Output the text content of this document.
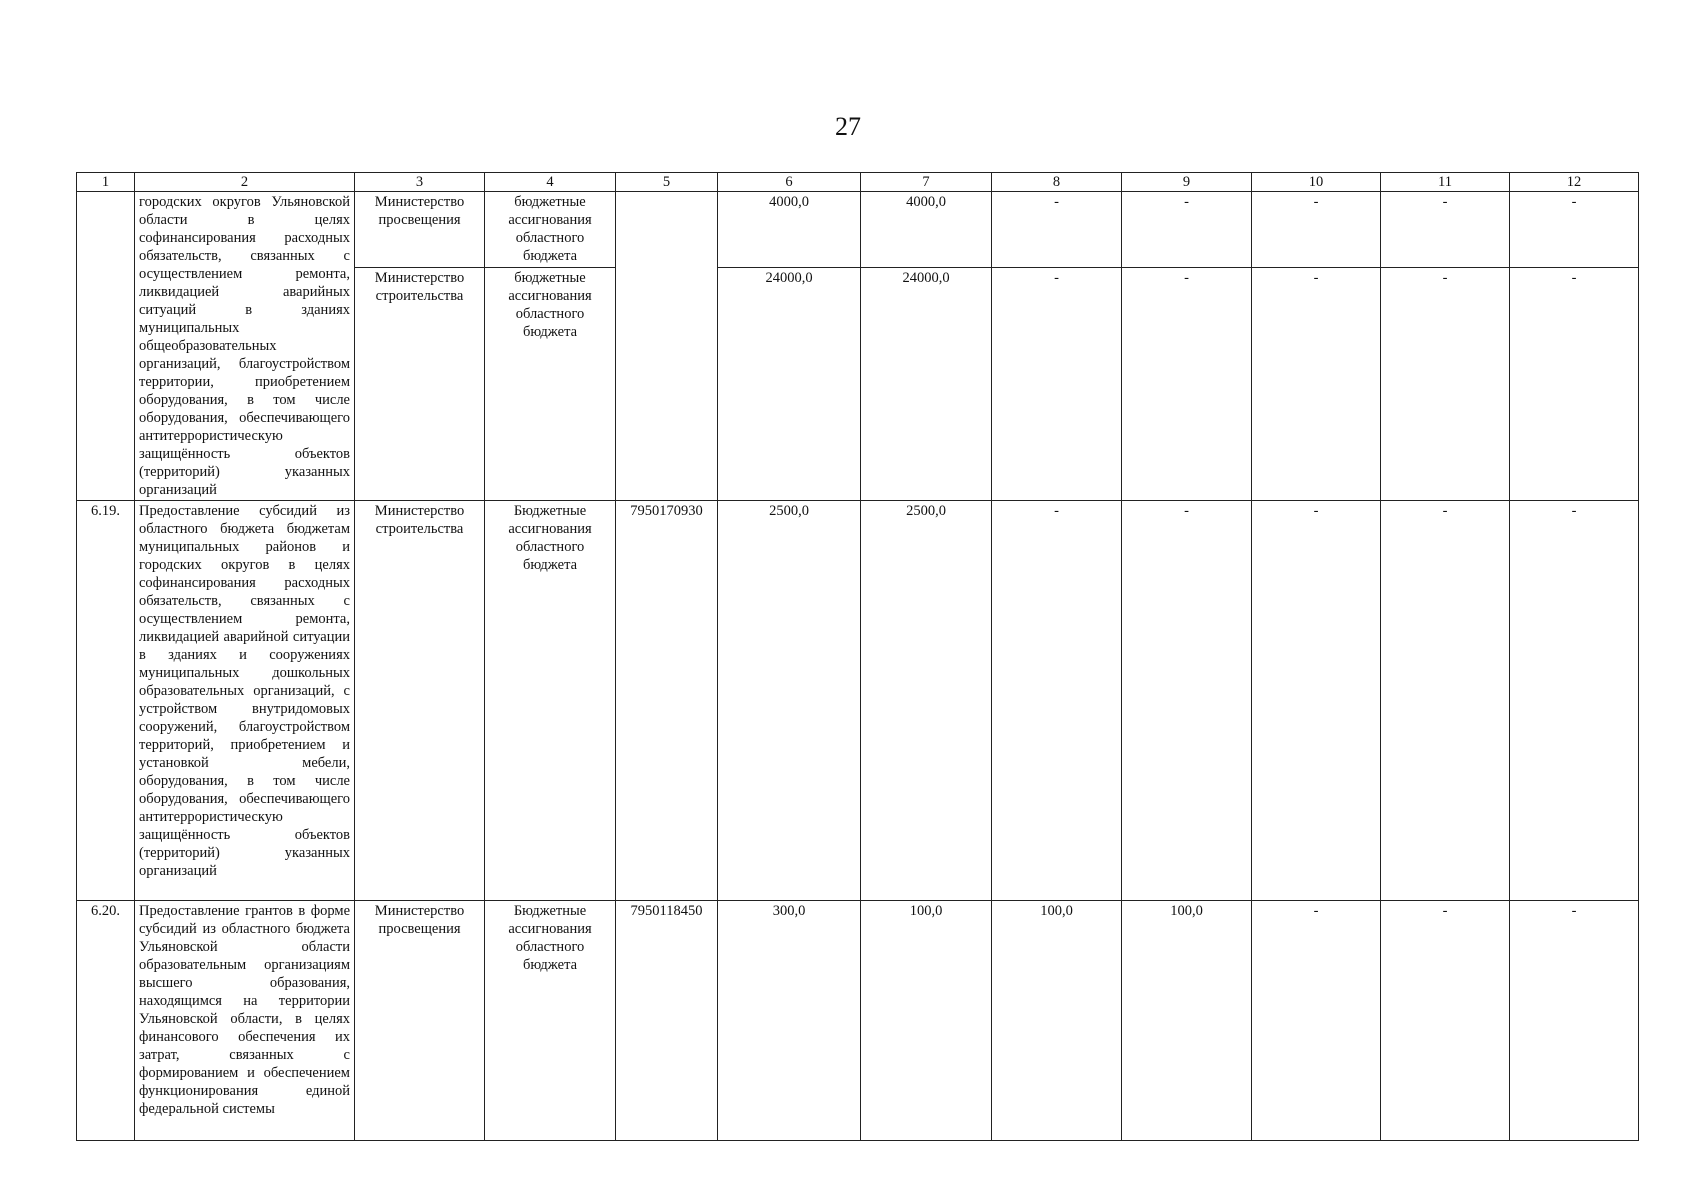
27
1	2	3	4	5	6	7	8	9	10	11	12
	городских округов Ульяновской области в целях софинансирования расходных обязательств, связанных с осуществлением ремонта, ликвидацией аварийных ситуаций в зданиях муниципальных общеобразовательных организаций, благоустройством территории, приобретением оборудования, в том числе оборудования, обеспечивающего антитеррористическую защищённость объектов (территорий) указанных организаций	Министерство просвещения	бюджетные ассигнования областного бюджета		4000,0	4000,0	-	-	-	-	-
		Министерство строительства	бюджетные ассигнования областного бюджета		24000,0	24000,0	-	-	-	-	-
6.19.	Предоставление субсидий из областного бюджета бюджетам муниципальных районов и городских округов в целях софинансирования расходных обязательств, связанных с осуществлением ремонта, ликвидацией аварийной ситуации в зданиях и сооружениях муниципальных дошкольных образовательных организаций, с устройством внутридомовых сооружений, благоустройством территорий, приобретением и установкой мебели, оборудования, в том числе оборудования, обеспечивающего антитеррористическую защищённость объектов (территорий) указанных организаций	Министерство строительства	Бюджетные ассигнования областного бюджета	7950170930	2500,0	2500,0	-	-	-	-	-
6.20.	Предоставление грантов в форме субсидий из областного бюджета Ульяновской области образовательным организациям высшего образования, находящимся на территории Ульяновской области, в целях финансового обеспечения их затрат, связанных с формированием и обеспечением функционирования единой федеральной системы	Министерство просвещения	Бюджетные ассигнования областного бюджета	7950118450	300,0	100,0	100,0	100,0	-	-	-
